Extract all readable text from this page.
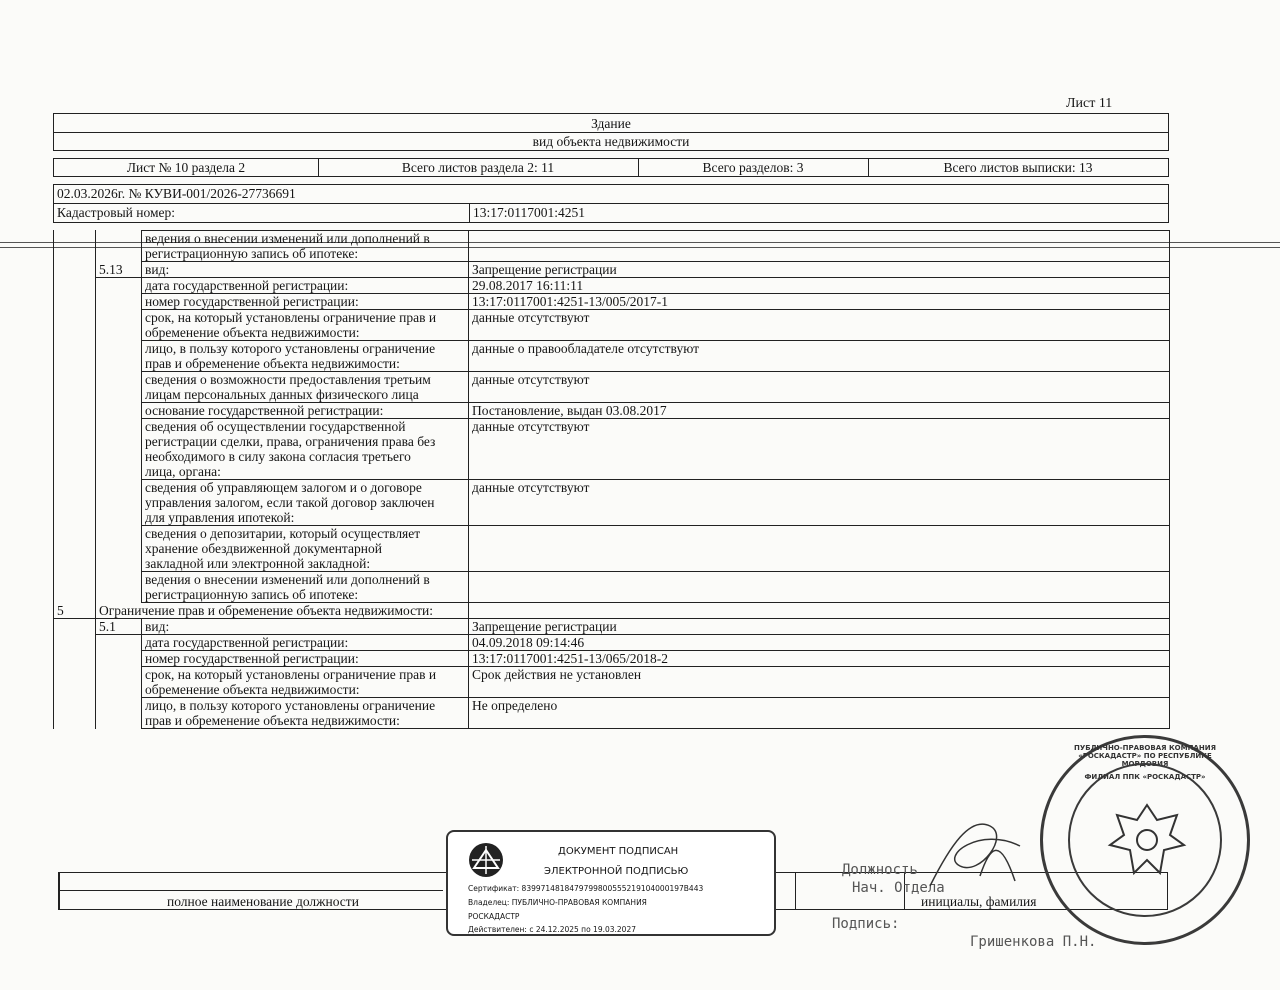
Лист 11
Здание
вид объекта недвижимости
Лист № 10 раздела 2	Всего листов раздела 2: 11	Всего разделов: 3	Всего листов выписки: 13
02.03.2026г. № КУВИ-001/2026-27736691
Кадастровый номер:	13:17:0117001:4251

		ведения о внесении изменений или дополнений в
регистрационную запись об ипотеке:	

	5.13	вид:	Запрещение регистрации

		дата государственной регистрации:	29.08.2017 16:11:11

		номер государственной регистрации:	13:17:0117001:4251-13/005/2017-1

		срок, на который установлены ограничение прав и
обременение объекта недвижимости:	данные отсутствуют

		лицо, в пользу которого установлены ограничение
прав и обременение объекта недвижимости:	данные о правообладателе отсутствуют

		сведения о возможности предоставления третьим
лицам персональных данных физического лица	данные отсутствуют

		основание государственной регистрации:	Постановление, выдан 03.08.2017

		сведения об осуществлении государственной
регистрации сделки, права, ограничения права без
необходимого в силу закона согласия третьего
лица, органа:	данные отсутствуют

		сведения об управляющем залогом и о договоре
управления залогом, если такой договор заключен
для управления ипотекой:	данные отсутствуют

		сведения о депозитарии, который осуществляет
хранение обездвиженной документарной
закладной или электронной закладной:	

		ведения о внесении изменений или дополнений в
регистрационную запись об ипотеке:	

5	Ограничение прав и обременение объекта недвижимости:		
	5.1	вид:	Запрещение регистрации

		дата государственной регистрации:	04.09.2018 09:14:46

		номер государственной регистрации:	13:17:0117001:4251-13/065/2018-2

		срок, на который установлены ограничение прав и
обременение объекта недвижимости:	Срок действия не установлен

		лицо, в пользу которого установлены ограничение
прав и обременение объекта недвижимости:	Не определено
полное наименование должности	инициалы, фамилия
ДОКУМЕНТ ПОДПИСАН
ЭЛЕКТРОННОЙ ПОДПИСЬЮ
Сертификат: 8399714818479799800555219104000197B443
Владелец: ПУБЛИЧНО-ПРАВОВАЯ КОМПАНИЯ
РОСКАДАСТР
Действителен: с 24.12.2025 по 19.03.2027
Должность
Нач. Отдела
Подпись:
Гришенкова П.Н.
ПУБЛИЧНО-ПРАВОВАЯ КОМПАНИЯ «РОСКАДАСТР» ПО РЕСПУБЛИКЕ МОРДОВИЯ
ФИЛИАЛ ППК «РОСКАДАСТР»
